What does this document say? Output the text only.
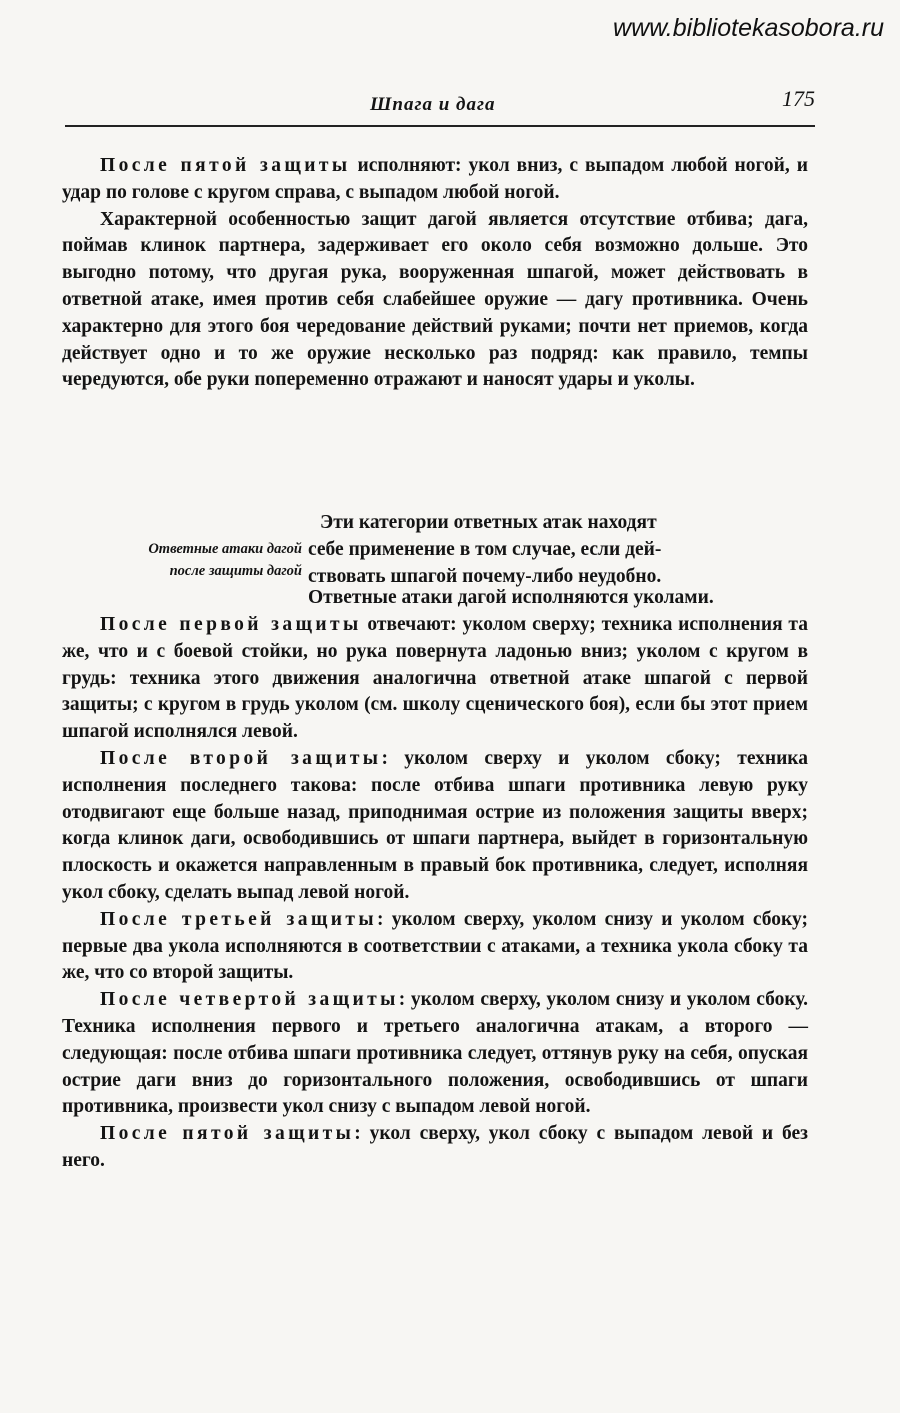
www.bibliotekasobora.ru
Шпага и дага	175

После пятой защиты исполняют: укол вниз, с выпадом любой ногой, и удар по голове с кругом справа, с выпадом любой ногой.

Характерной особенностью защит дагой является отсутствие отбива; дага, поймав клинок партнера, задерживает его около себя возможно дольше. Это выгодно потому, что другая рука, вооруженная шпагой, может действовать в ответной атаке, имея против себя слабейшее оружие — дагу противника. Очень характерно для этого боя чередование действий руками; почти нет приемов, когда действует одно и то же оружие несколько раз подряд: как правило, темпы чередуются, обе руки попеременно отражают и наносят удары и уколы.

Ответные атаки дагой
после защиты дагой
Эти категории ответных атак находят
себе применение в том случае, если дей-
ствовать шпагой почему-либо неудобно.
Ответные атаки дагой исполняются уколами.

После первой защиты отвечают: уколом сверху; техника исполнения та же, что и с боевой стойки, но рука повернута ладонью вниз; уколом с кругом в грудь: техника этого движения аналогична ответной атаке шпагой с первой защиты; с кругом в грудь уколом (см. школу сценического боя), если бы этот прием шпагой исполнялся левой.

После второй защиты: уколом сверху и уколом сбоку; техника исполнения последнего такова: после отбива шпаги противника левую руку отодвигают еще больше назад, приподнимая острие из положения защиты вверх; когда клинок даги, освободившись от шпаги партнера, выйдет в горизонтальную плоскость и окажется направленным в правый бок противника, следует, исполняя укол сбоку, сделать выпад левой ногой.

После третьей защиты: уколом сверху, уколом снизу и уколом сбоку; первые два укола исполняются в соответствии с атаками, а техника укола сбоку та же, что со второй защиты.

После четвертой защиты: уколом сверху, уколом снизу и уколом сбоку. Техника исполнения первого и третьего аналогична атакам, а второго — следующая: после отбива шпаги противника следует, оттянув руку на себя, опуская острие даги вниз до горизонтального положения, освободившись от шпаги противника, произвести укол снизу с выпадом левой ногой.

После пятой защиты: укол сверху, укол сбоку с выпадом левой и без него.
